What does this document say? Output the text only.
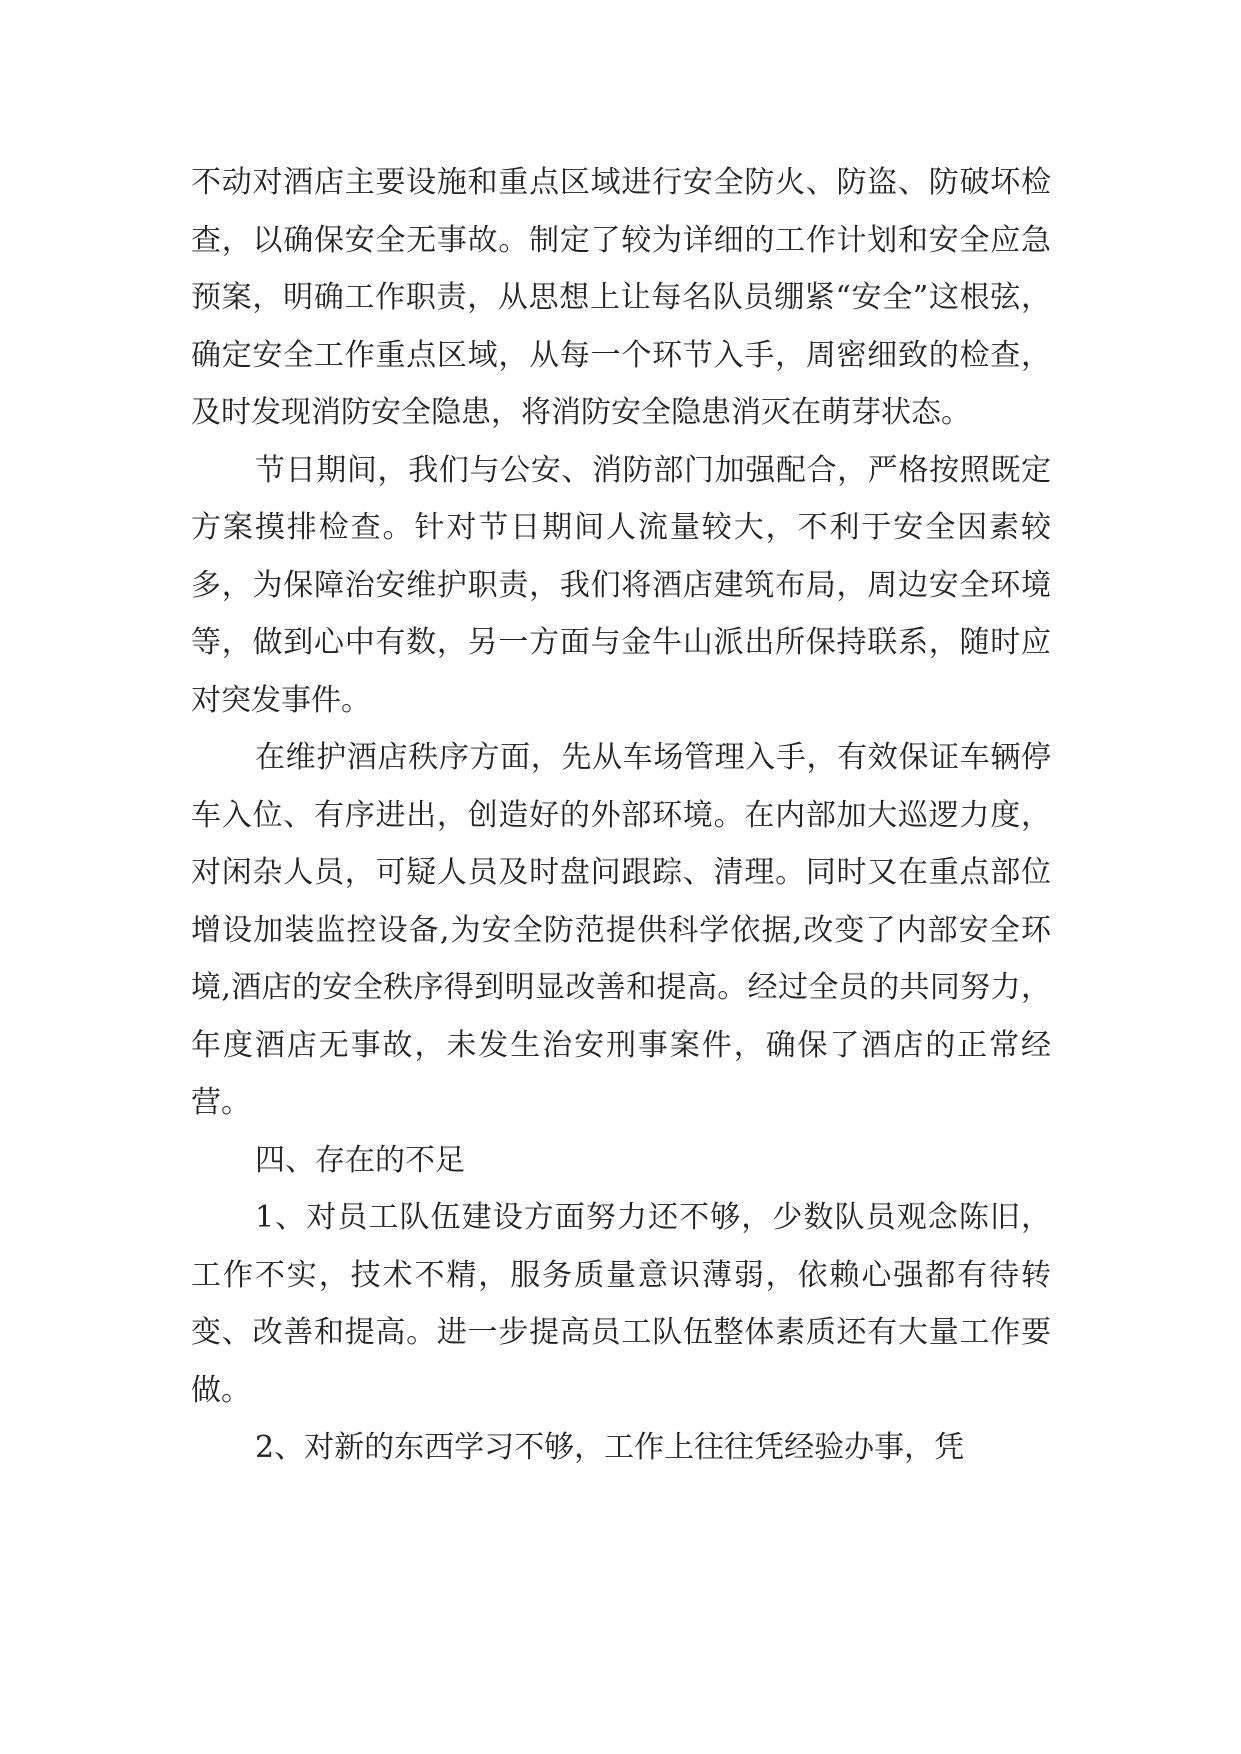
不动对酒店主要设施和重点区域进行安全防火、防盗、防破坏检查，以确保安全无事故。制定了较为详细的工作计划和安全应急预案，明确工作职责，从思想上让每名队员绷紧“安全”这根弦，确定安全工作重点区域，从每一个环节入手，周密细致的检查，及时发现消防安全隐患，将消防安全隐患消灭在萌芽状态。

节日期间，我们与公安、消防部门加强配合，严格按照既定方案摸排检查。针对节日期间人流量较大，不利于安全因素较多，为保障治安维护职责，我们将酒店建筑布局，周边安全环境等，做到心中有数，另一方面与金牛山派出所保持联系，随时应对突发事件。

在维护酒店秩序方面，先从车场管理入手，有效保证车辆停车入位、有序进出，创造好的外部环境。在内部加大巡逻力度，对闲杂人员，可疑人员及时盘问跟踪、清理。同时又在重点部位增设加装监控设备,为安全防范提供科学依据,改变了内部安全环境,酒店的安全秩序得到明显改善和提高。经过全员的共同努力，年度酒店无事故，未发生治安刑事案件，确保了酒店的正常经营。

四、存在的不足

1、对员工队伍建设方面努力还不够，少数队员观念陈旧，工作不实，技术不精，服务质量意识薄弱，依赖心强都有待转变、改善和提高。进一步提高员工队伍整体素质还有大量工作要做。

2、对新的东西学习不够，工作上往往凭经验办事，凭
